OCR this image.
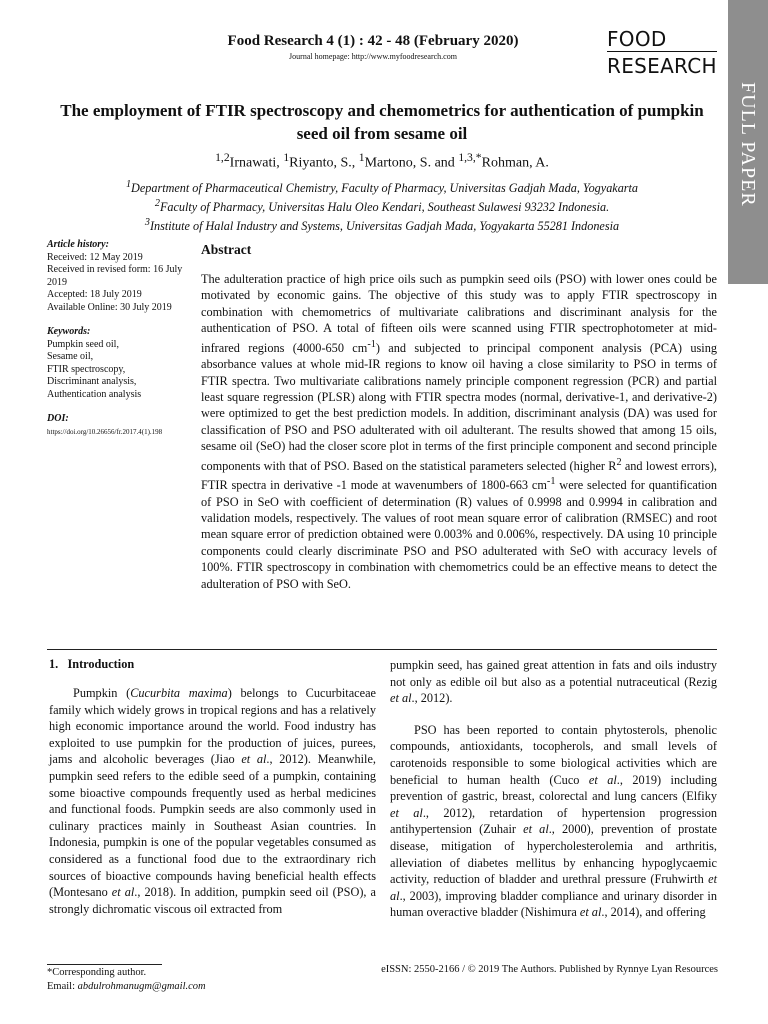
FULL PAPER
Food Research 4 (1) : 42 - 48 (February 2020)
Journal homepage: http://www.myfoodresearch.com
FOOD
RESEARCH
The employment of FTIR spectroscopy and chemometrics for authentication of pumpkin seed oil from sesame oil
$^{1,2}$Irnawati, $^1$Riyanto, S., $^1$Martono, S. and $^{1,3,*}$Rohman, A.
$^1$Department of Pharmaceutical Chemistry, Faculty of Pharmacy, Universitas Gadjah Mada, Yogyakarta
$^2$Faculty of Pharmacy, Universitas Halu Oleo Kendari, Southeast Sulawesi 93232 Indonesia.
$^3$Institute of Halal Industry and Systems, Universitas Gadjah Mada, Yogyakarta 55281 Indonesia
Article history:
Received: 12 May 2019
Received in revised form: 16 July 2019
Accepted: 18 July 2019
Available Online: 30 July 2019
Keywords:
Pumpkin seed oil,
Sesame oil,
FTIR spectroscopy,
Discriminant analysis,
Authentication analysis
DOI:
https://doi.org/10.26656/fr.2017.4(1).198
Abstract
The adulteration practice of high price oils such as pumpkin seed oils (PSO) with lower ones could be motivated by economic gains. The objective of this study was to apply FTIR spectroscopy in combination with chemometrics of multivariate calibrations and discriminant analysis for the authentication of PSO. A total of fifteen oils were scanned using FTIR spectrophotometer at mid-infrared regions (4000-650 $cm^{-1}$) and subjected to principal component analysis (PCA) using absorbance values at whole mid-IR regions to know oil having a close similarity to PSO in terms of FTIR spectra. Two multivariate calibrations namely principle component regression (PCR) and partial least square regression (PLSR) along with FTIR spectra modes (normal, derivative-1, and derivative-2) were optimized to get the best prediction models. In addition, discriminant analysis (DA) was used for classification of PSO and PSO adulterated with oil adulterant. The results showed that among 15 oils, sesame oil (SeO) had the closer score plot in terms of the first principle component and second principle components with that of PSO. Based on the statistical parameters selected (higher $R^2$ and lowest errors), FTIR spectra in derivative -1 mode at wavenumbers of 1800-663 $cm^{-1}$ were selected for quantification of PSO in SeO with coefficient of determination (R) values of 0.9998 and 0.9994 in calibration and validation models, respectively. The values of root mean square error of calibration (RMSEC) and root mean square error of prediction obtained were 0.003% and 0.006%, respectively. DA using 10 principle components could clearly discriminate PSO and PSO adulterated with SeO with accuracy levels of 100%. FTIR spectroscopy in combination with chemometrics could be an effective means to detect the adulteration of PSO with SeO.
1.   Introduction

Pumpkin (Cucurbita maxima) belongs to Cucurbitaceae family which widely grows in tropical regions and has a relatively high economic importance around the world. Food industry has exploited to use pumpkin for the production of juices, purees, jams and alcoholic beverages (Jiao et al., 2012). Meanwhile, pumpkin seed refers to the edible seed of a pumpkin, containing some bioactive compounds frequently used as herbal medicines and functional foods. Pumpkin seeds are also commonly used in culinary practices mainly in Southeast Asian countries. In Indonesia, pumpkin is one of the popular vegetables consumed as considered as a functional food due to the extraordinary rich sources of bioactive compounds having beneficial health effects (Montesano et al., 2018). In addition, pumpkin seed oil (PSO), a strongly dichromatic viscous oil extracted from

pumpkin seed, has gained great attention in fats and oils industry not only as edible oil but also as a potential nutraceutical (Rezig et al., 2012).

PSO has been reported to contain phytosterols, phenolic compounds, antioxidants, tocopherols, and small levels of carotenoids responsible to some biological activities which are beneficial to human health (Cuco et al., 2019) including prevention of gastric, breast, colorectal and lung cancers (Elfiky et al., 2012), retardation of hypertension progression antihypertension (Zuhair et al., 2000), prevention of prostate disease, mitigation of hypercholesterolemia and arthritis, alleviation of diabetes mellitus by enhancing hypoglycaemic activity, reduction of bladder and urethral pressure (Fruhwirth et al., 2003), improving bladder compliance and urinary disorder in human overactive bladder (Nishimura et al., 2014), and offering

*Corresponding author.
Email: abdulrohmanugm@gmail.com
eISSN: 2550-2166 / © 2019 The Authors. Published by Rynnye Lyan Resources
